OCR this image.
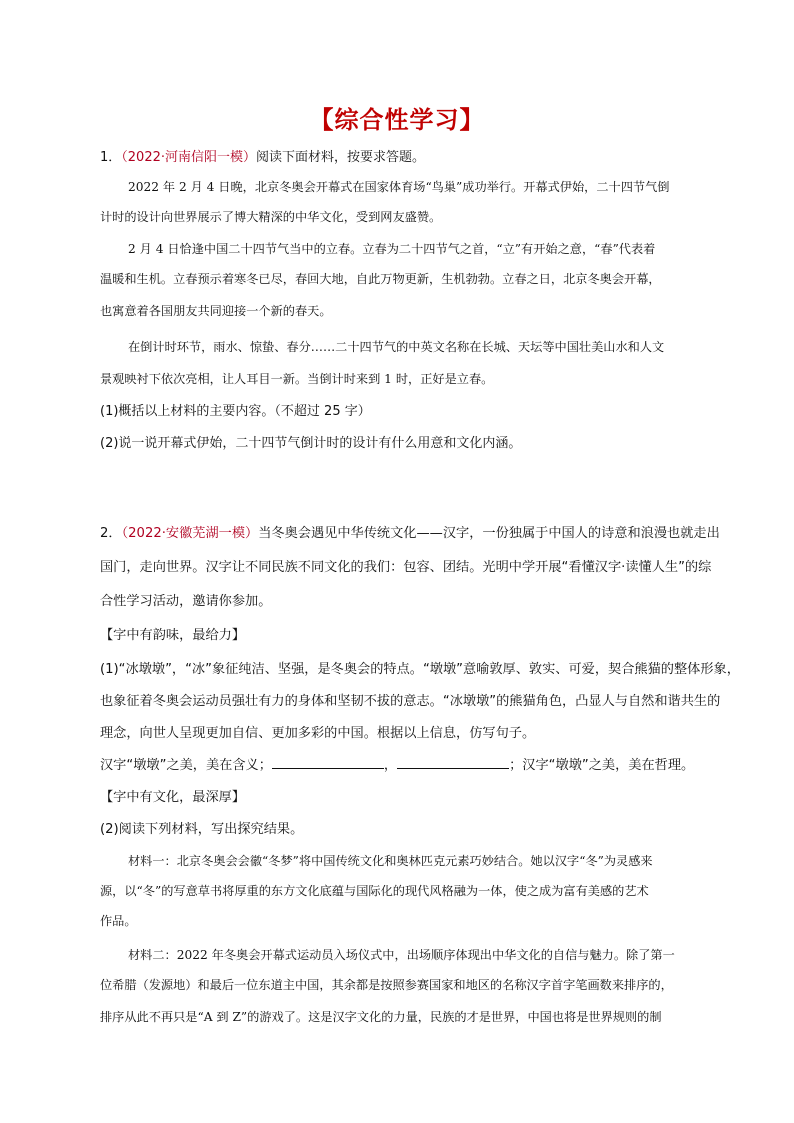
【综合性学习】
1．（2022·河南信阳一模）阅读下面材料，按要求答题。
2022 年 2 月 4 日晚，北京冬奥会开幕式在国家体育场“鸟巢”成功举行。开幕式伊始，二十四节气倒
计时的设计向世界展示了博大精深的中华文化，受到网友盛赞。
2 月 4 日恰逢中国二十四节气当中的立春。立春为二十四节气之首，“立”有开始之意，“春”代表着
温暖和生机。立春预示着寒冬已尽，春回大地，自此万物更新，生机勃勃。立春之日，北京冬奥会开幕，
也寓意着各国朋友共同迎接一个新的春天。
在倒计时环节，雨水、惊蛰、春分……二十四节气的中英文名称在长城、天坛等中国壮美山水和人文
景观映衬下依次亮相，让人耳目一新。当倒计时来到 1 时，正好是立春。
(1)概括以上材料的主要内容。（不超过 25 字）
(2)说一说开幕式伊始，二十四节气倒计时的设计有什么用意和文化内涵。
2．（2022·安徽芜湖一模）当冬奥会遇见中华传统文化——汉字，一份独属于中国人的诗意和浪漫也就走出
国门，走向世界。汉字让不同民族不同文化的我们：包容、团结。光明中学开展“看懂汉字·读懂人生”的综
合性学习活动，邀请你参加。
【字中有韵味，最给力】
(1)“冰墩墩”，“冰”象征纯洁、坚强，是冬奥会的特点。“墩墩”意喻敦厚、敦实、可爱，契合熊猫的整体形象，
也象征着冬奥会运动员强壮有力的身体和坚韧不拔的意志。“冰墩墩”的熊猫角色，凸显人与自然和谐共生的
理念，向世人呈现更加自信、更加多彩的中国。根据以上信息，仿写句子。
汉字“墩墩”之美，美在含义；	，	；汉字“墩墩”之美，美在哲理。
【字中有文化，最深厚】
(2)阅读下列材料，写出探究结果。
材料一：北京冬奥会会徽“冬梦”将中国传统文化和奥林匹克元素巧妙结合。她以汉字“冬”为灵感来
源，以“冬”的写意草书将厚重的东方文化底蕴与国际化的现代风格融为一体，使之成为富有美感的艺术
作品。
材料二：2022 年冬奥会开幕式运动员入场仪式中，出场顺序体现出中华文化的自信与魅力。除了第一
位希腊（发源地）和最后一位东道主中国，其余都是按照参赛国家和地区的名称汉字首字笔画数来排序的，
排序从此不再只是“A 到 Z”的游戏了。这是汉字文化的力量，民族的才是世界，中国也将是世界规则的制
